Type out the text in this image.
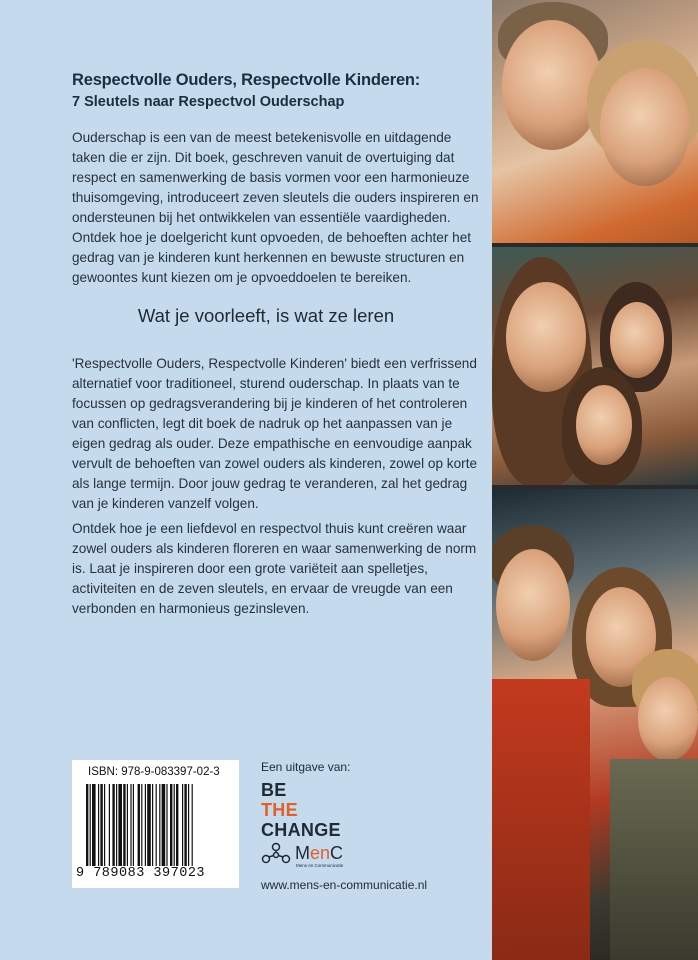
Respectvolle Ouders, Respectvolle Kinderen:
7 Sleutels naar Respectvol Ouderschap

Ouderschap is een van de meest betekenisvolle en uitdagende taken die er zijn. Dit boek, geschreven vanuit de overtuiging dat respect en samenwerking de basis vormen voor een harmonieuze thuisomgeving, introduceert zeven sleutels die ouders inspireren en ondersteunen bij het ontwikkelen van essentiële vaardigheden. Ontdek hoe je doelgericht kunt opvoeden, de behoeften achter het gedrag van je kinderen kunt herkennen en bewuste structuren en gewoontes kunt kiezen om je opvoeddoelen te bereiken.

Wat je voorleeft, is wat ze leren

'Respectvolle Ouders, Respectvolle Kinderen' biedt een verfrissend alternatief voor traditioneel, sturend ouderschap. In plaats van te focussen op gedragsverandering bij je kinderen of het controleren van conflicten, legt dit boek de nadruk op het aanpassen van je eigen gedrag als ouder. Deze empathische en eenvoudige aanpak vervult de behoeften van zowel ouders als kinderen, zowel op korte als lange termijn. Door jouw gedrag te veranderen, zal het gedrag van je kinderen vanzelf volgen.

Ontdek hoe je een liefdevol en respectvol thuis kunt creëren waar zowel ouders als kinderen floreren en waar samenwerking de norm is. Laat je inspireren door een grote variëteit aan spelletjes, activiteiten en de zeven sleutels, en ervaar de vreugde van een verbonden en harmonieus gezinsleven.

ISBN: 978-9-083397-02-3
9 789083 397023
Een uitgave van:
BE
THE
CHANGE
MenC
Mens en Communicatie
www.mens-en-communicatie.nl
